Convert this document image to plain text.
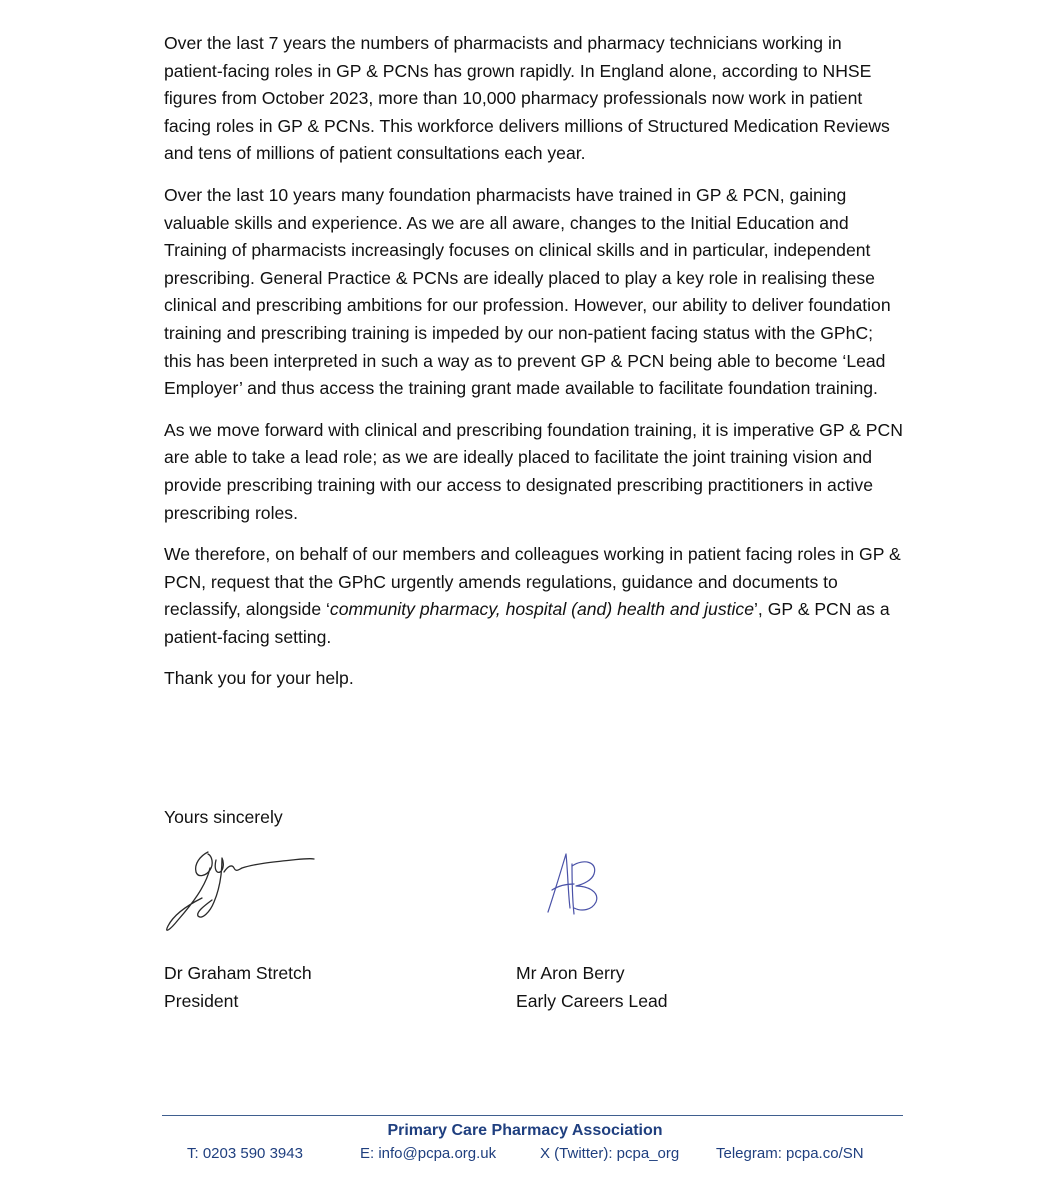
Over the last 7 years the numbers of pharmacists and pharmacy technicians working in patient-facing roles in GP & PCNs has grown rapidly. In England alone, according to NHSE figures from October 2023, more than 10,000 pharmacy professionals now work in patient facing roles in GP & PCNs. This workforce delivers millions of Structured Medication Reviews and tens of millions of patient consultations each year.

Over the last 10 years many foundation pharmacists have trained in GP & PCN, gaining valuable skills and experience. As we are all aware, changes to the Initial Education and Training of pharmacists increasingly focuses on clinical skills and in particular, independent prescribing. General Practice & PCNs are ideally placed to play a key role in realising these clinical and prescribing ambitions for our profession. However, our ability to deliver foundation training and prescribing training is impeded by our non-patient facing status with the GPhC; this has been interpreted in such a way as to prevent GP & PCN being able to become ‘Lead Employer’ and thus access the training grant made available to facilitate foundation training.

As we move forward with clinical and prescribing foundation training, it is imperative GP & PCN are able to take a lead role; as we are ideally placed to facilitate the joint training vision and provide prescribing training with our access to designated prescribing practitioners in active prescribing roles.

We therefore, on behalf of our members and colleagues working in patient facing roles in GP & PCN, request that the GPhC urgently amends regulations, guidance and documents to reclassify, alongside ‘community pharmacy, hospital (and) health and justice’, GP & PCN as a patient-facing setting.

Thank you for your help.

Yours sincerely
Dr Graham Stretch
President
Mr Aron Berry
Early Careers Lead
Primary Care Pharmacy Association
T: 0203 590 3943	E: info@pcpa.org.uk	X (Twitter): pcpa_org Telegram: pcpa.co/SN
